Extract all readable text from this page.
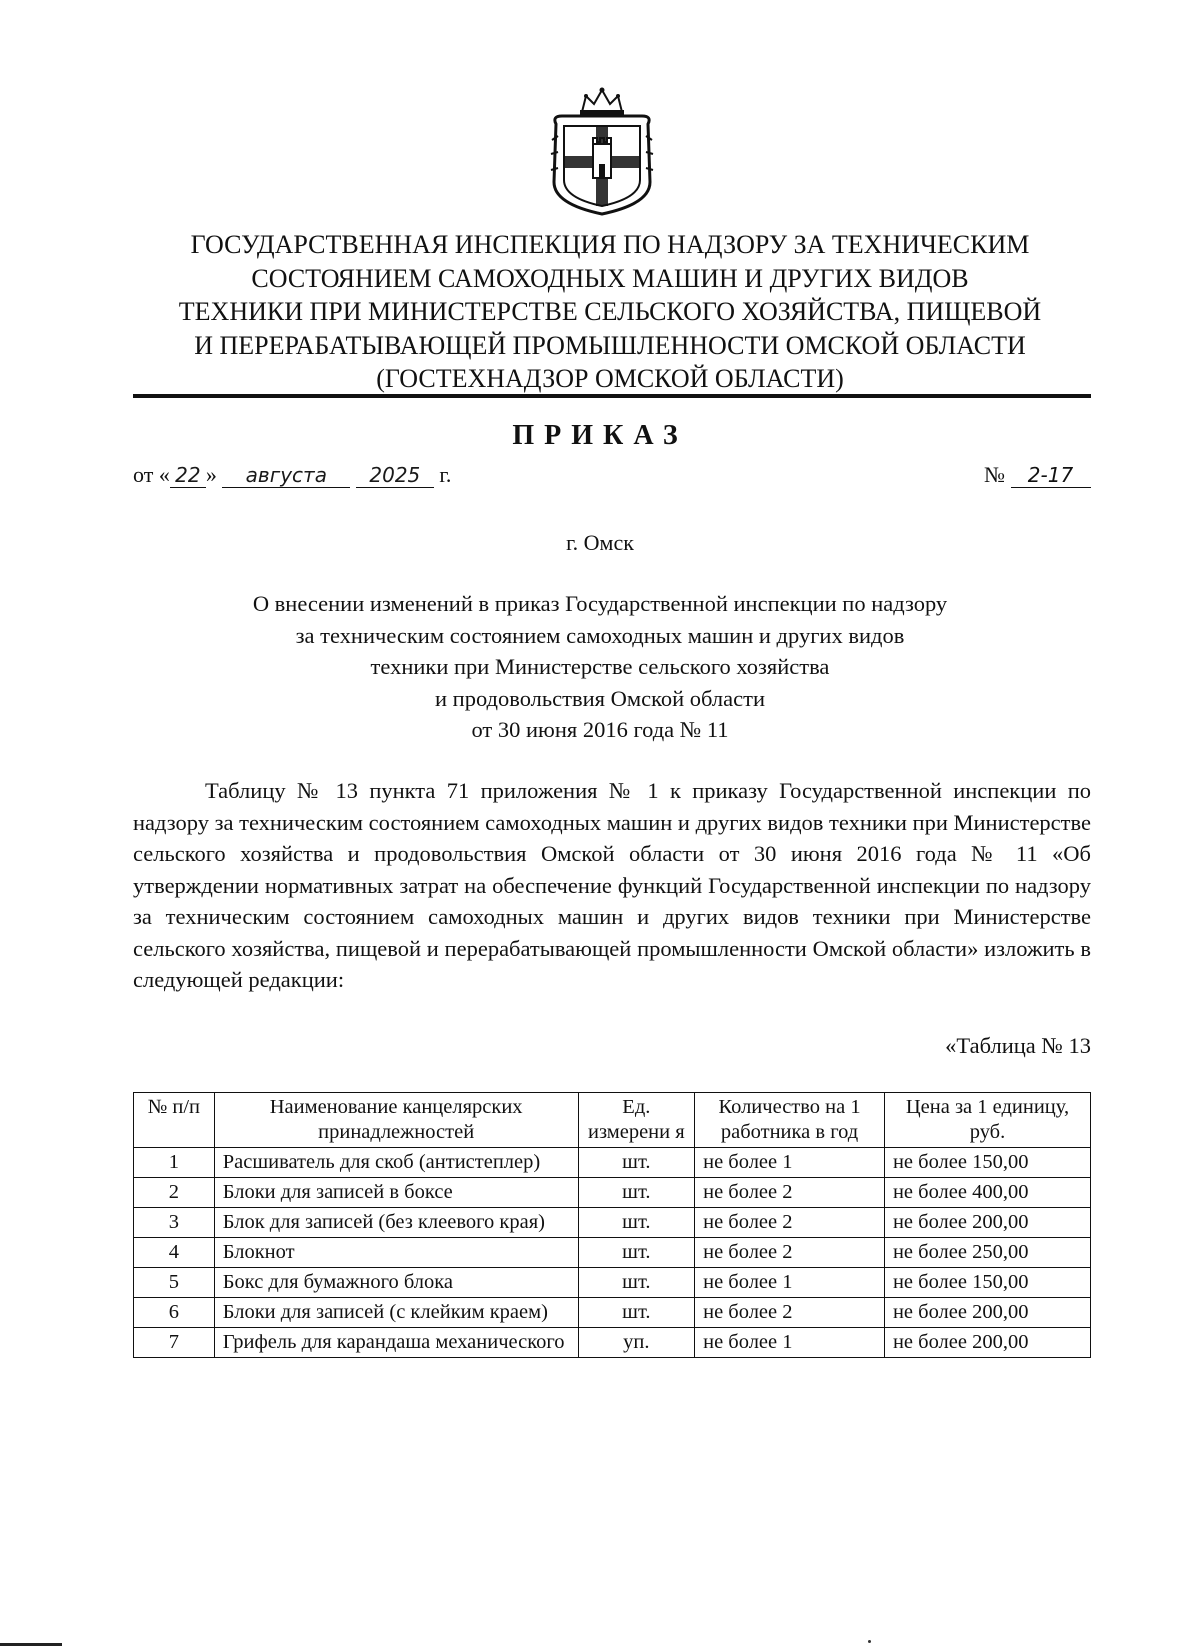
ГОСУДАРСТВЕННАЯ ИНСПЕКЦИЯ ПО НАДЗОРУ ЗА ТЕХНИЧЕСКИМ
СОСТОЯНИЕМ САМОХОДНЫХ МАШИН И ДРУГИХ ВИДОВ
ТЕХНИКИ ПРИ МИНИСТЕРСТВЕ СЕЛЬСКОГО ХОЗЯЙСТВА, ПИЩЕВОЙ
И ПЕРЕРАБАТЫВАЮЩЕЙ ПРОМЫШЛЕННОСТИ ОМСКОЙ ОБЛАСТИ
(ГОСТЕХНАДЗОР ОМСКОЙ ОБЛАСТИ)
ПРИКАЗ
от « 22 » августа 2025 г.	№ 2-17
г. Омск
О внесении изменений в приказ Государственной инспекции по надзору
за техническим состоянием самоходных машин и других видов
техники при Министерстве сельского хозяйства
и продовольствия Омской области
от 30 июня 2016 года № 11

Таблицу № 13 пункта 71 приложения № 1 к приказу Государственной инспекции по надзору за техническим состоянием самоходных машин и других видов техники при Министерстве сельского хозяйства и продовольствия Омской области от 30 июня 2016 года № 11 «Об утверждении нормативных затрат на обеспечение функций Государственной инспекции по надзору за техническим состоянием самоходных машин и других видов техники при Министерстве сельского хозяйства, пищевой и перерабатывающей промышленности Омской области» изложить в следующей редакции:

«Таблица № 13
№ п/п	Наименование канцелярских принадлежностей	Ед. измерени я	Количество на 1 работника в год	Цена за 1 единицу, руб.
1	Расшиватель для скоб (антистеплер)	шт.	не более 1	не более 150,00
2	Блоки для записей в боксе	шт.	не более 2	не более 400,00
3	Блок для записей (без клеевого края)	шт.	не более 2	не более 200,00
4	Блокнот	шт.	не более 2	не более 250,00
5	Бокс для бумажного блока	шт.	не более 1	не более 150,00
6	Блоки для записей (с клейким краем)	шт.	не более 2	не более 200,00
7	Грифель для карандаша механического	уп.	не более 1	не более 200,00
